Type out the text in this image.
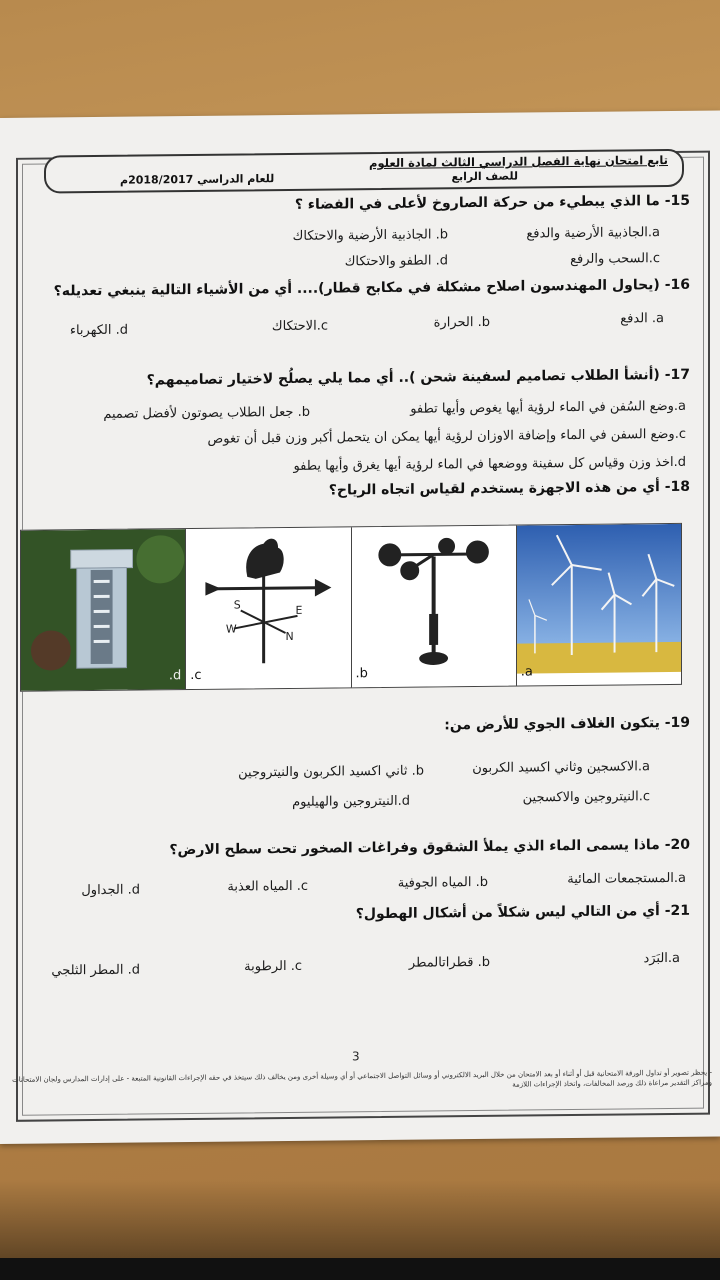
تابع امتحان نهاية الفصل الدراسي الثالث لمادة العلوم
للصف الرابع
للعام الدراسي 2018/2017م
15- ما الذي يبطيء من حركة الصاروخ لأعلى في الفضاء ؟
a.الجاذبية الأرضية والدفع
b. الجاذبية الأرضية والاحتكاك
c.السحب والرفع
d. الطفو والاحتكاك
16- (يحاول المهندسون اصلاح مشكلة في مكابح قطار).... أي من الأشياء التالية ينبغي تعديله؟
a. الدفع
b. الحرارة
c.الاحتكاك
d. الكهرباء
17- (أنشأ الطلاب تصاميم لسفينة شحن ).. أي مما يلي يصلُح لاختيار تصاميمهم؟
a.وضع السُفن في الماء لرؤية أيها يغوص وأيها تطفو
b. جعل الطلاب يصوتون لأفضل تصميم
c.وضع السفن في الماء وإضافة الاوزان لرؤية أيها يمكن ان يتحمل أكبر وزن قبل أن تغوص
d.اخذ وزن وقياس كل سفينة ووضعها في الماء لرؤية أيها يغرق وأيها يطفو
18- أي من هذه الاجهزة يستخدم لقياس اتجاه الرياح؟
.a
.b
W
E
S
N
.c
.d
19- يتكون الغلاف الجوي للأرض من:
a.الاكسجين وثاني اكسيد الكربون
b. ثاني اكسيد الكربون والنيتروجين
c.النيتروجين والاكسجين
d.النيتروجين والهيليوم
20- ماذا يسمى الماء الذي يملأ الشقوق وفراغات الصخور تحت سطح الارض؟
a.المستجمعات المائية
b. المياه الجوفية
c. المياه العذبة
d. الجداول
21- أي من التالي ليس شكلاً من أشكال الهطول؟
a.البَرَد
b. قطراتالمطر
c. الرطوبة
d. المطر الثلجي
3
- يحظر تصوير أو تداول الورقة الامتحانية قبل أو أثناء أو بعد الامتحان من خلال البريد الالكتروني أو وسائل التواصل الاجتماعي أو أي وسيلة أخرى ومن يخالف ذلك سيتخذ في حقه الإجراءات القانونية المتبعة - على إدارات المدارس ولجان الامتحانات ومراكز التقدير مراعاة ذلك ورصد المخالفات، واتخاذ الإجراءات اللازمة
